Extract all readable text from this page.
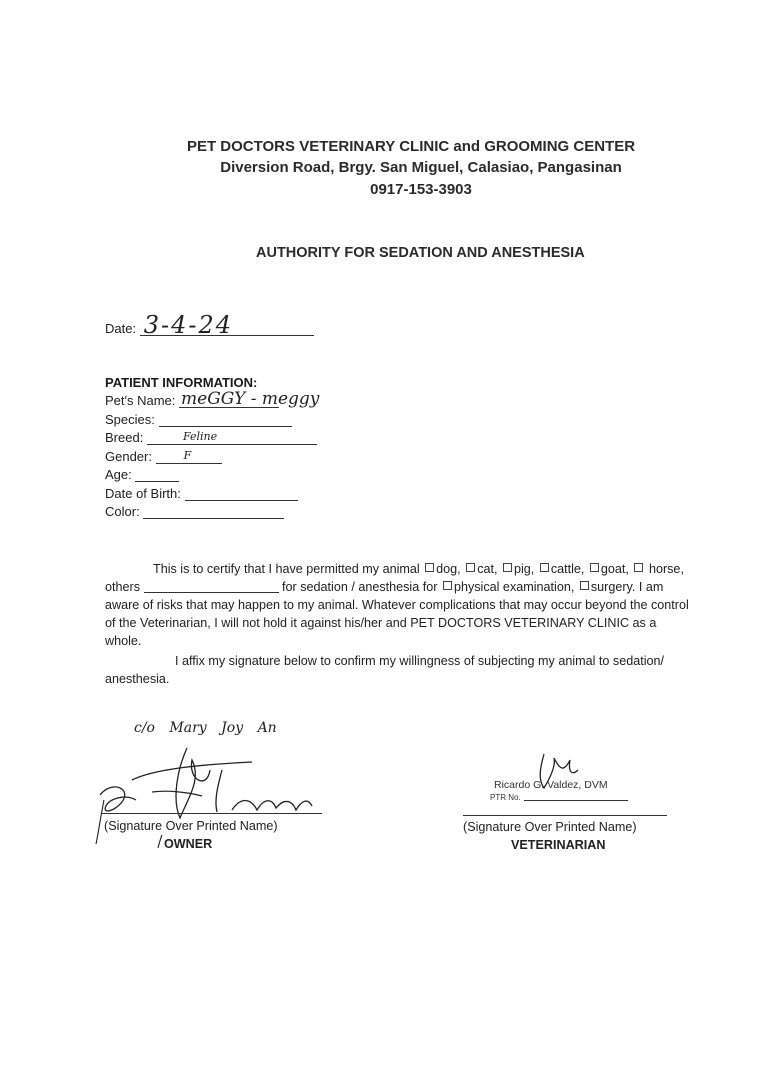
PET DOCTORS VETERINARY CLINIC and GROOMING CENTER
Diversion Road, Brgy. San Miguel, Calasiao, Pangasinan
0917-153-3903
AUTHORITY FOR SEDATION AND ANESTHESIA
Date: 3-4-24
PATIENT INFORMATION:
Pet's Name: meGGY - meggy
Species:
Breed:	Feline
Gender:	F
Age:
Date of Birth:
Color:
This is to certify that I have permitted my animal dog, cat, pig, cattle, goat, horse, others	for sedation / anesthesia for physical examination, surgery. I am aware of risks that may happen to my animal. Whatever complications that may occur beyond the control of the Veterinarian, I will not hold it against his/her and PET DOCTORS VETERINARY CLINIC as a whole.
I affix my signature below to confirm my willingness of subjecting my animal to sedation/ anesthesia.
c/o Mary Joy An
(Signature Over Printed Name)
OWNER
Ricardo G. Valdez, DVM
PTR No.
(Signature Over Printed Name)
VETERINARIAN
